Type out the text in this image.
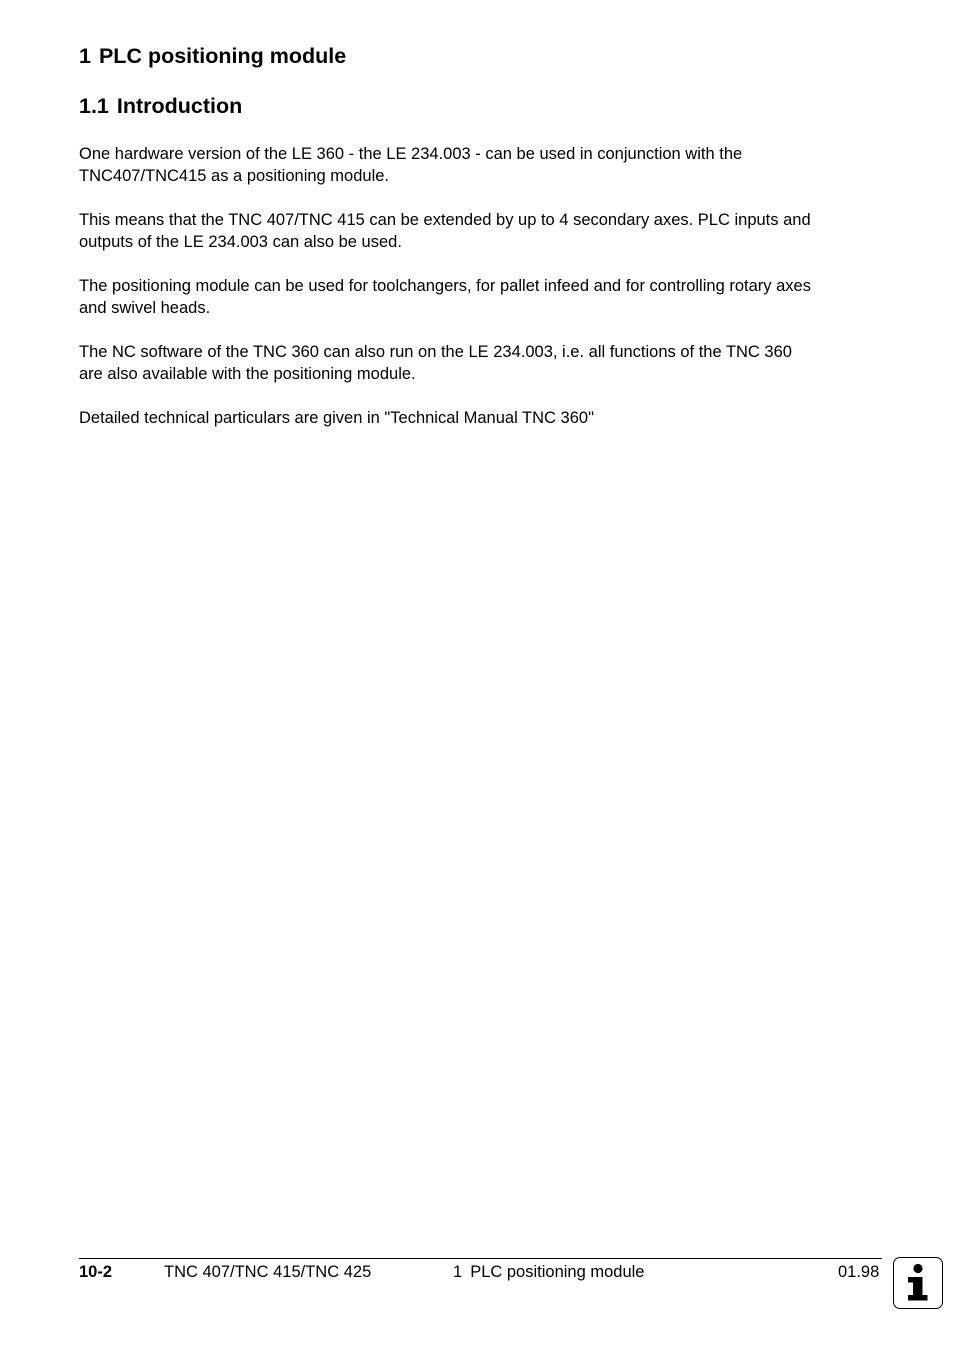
1 PLC positioning module
1.1 Introduction

One hardware version of the LE 360 - the LE 234.003 - can be used in conjunction with the
TNC407/TNC415 as a positioning module.

This means that the TNC 407/TNC 415 can be extended by up to 4 secondary axes. PLC inputs and
outputs of the LE 234.003 can also be used.

The positioning module can be used for toolchangers, for pallet infeed and for controlling rotary axes
and swivel heads.

The NC software of the TNC 360 can also run on the LE 234.003, i.e. all functions of the TNC 360
are also available with the positioning module.

Detailed technical particulars are given in "Technical Manual TNC 360"

10-2	TNC 407/TNC 415/TNC 425	1 PLC positioning module	01.98
